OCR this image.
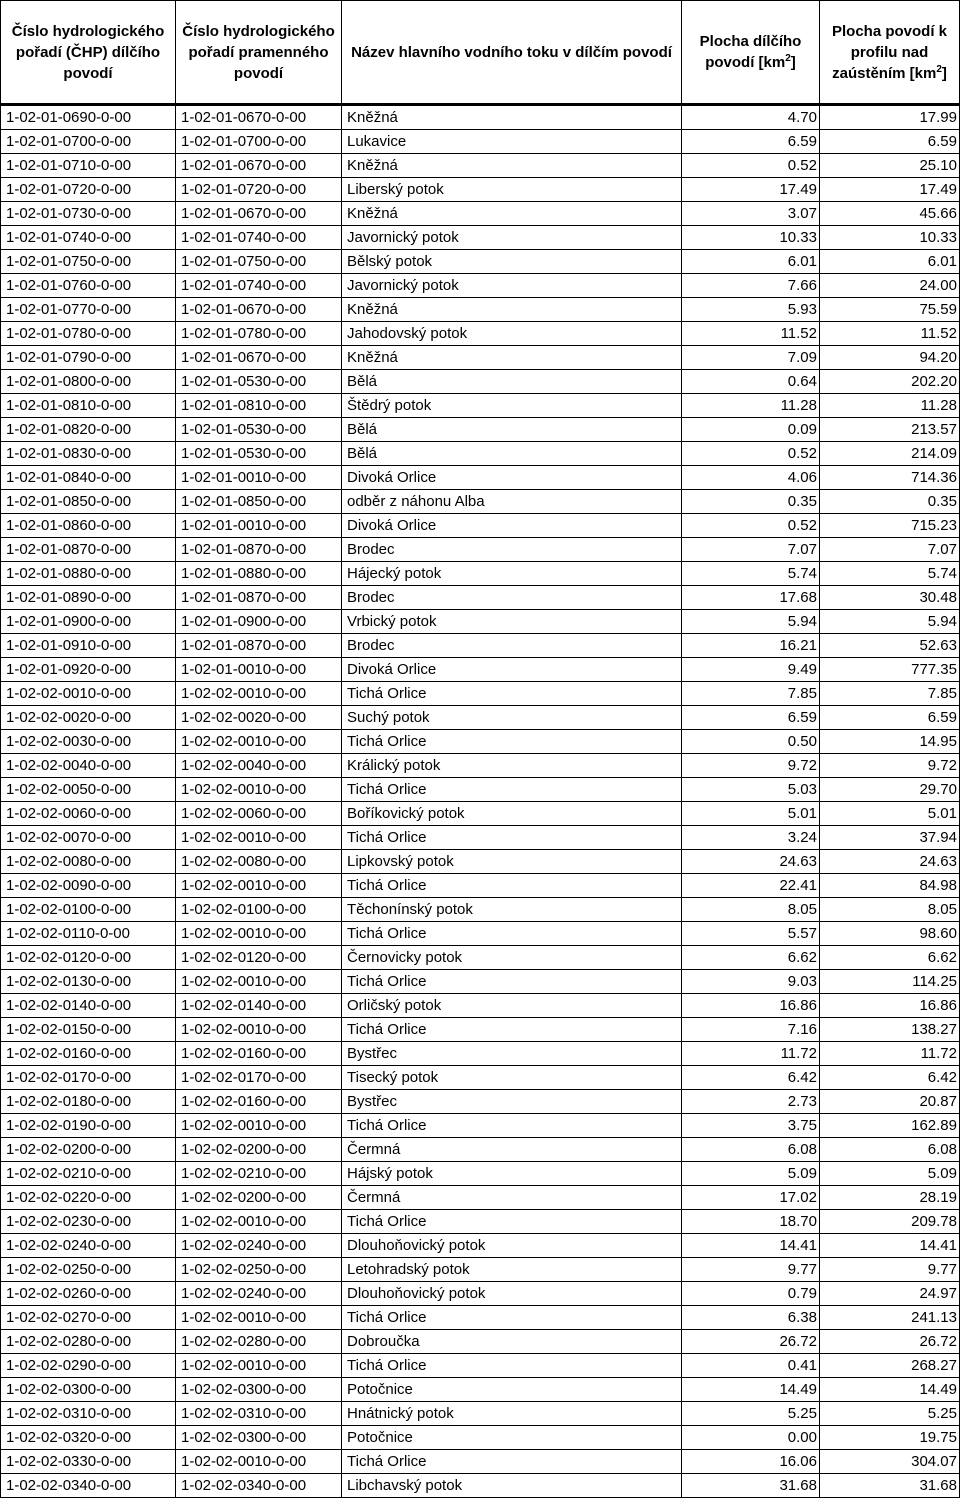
Číslo hydrologického pořadí (ČHP) dílčího povodí	Číslo hydrologického pořadí pramenného povodí	Název hlavního vodního toku v dílčím povodí	Plocha dílčího povodí $[km^2]$	Plocha povodí k profilu nad zaústěním $[km^2]$
1-02-01-0690-0-00	1-02-01-0670-0-00	Kněžná	4.70	17.99
1-02-01-0700-0-00	1-02-01-0700-0-00	Lukavice	6.59	6.59
1-02-01-0710-0-00	1-02-01-0670-0-00	Kněžná	0.52	25.10
1-02-01-0720-0-00	1-02-01-0720-0-00	Liberský potok	17.49	17.49
1-02-01-0730-0-00	1-02-01-0670-0-00	Kněžná	3.07	45.66
1-02-01-0740-0-00	1-02-01-0740-0-00	Javornický potok	10.33	10.33
1-02-01-0750-0-00	1-02-01-0750-0-00	Bělský potok	6.01	6.01
1-02-01-0760-0-00	1-02-01-0740-0-00	Javornický potok	7.66	24.00
1-02-01-0770-0-00	1-02-01-0670-0-00	Kněžná	5.93	75.59
1-02-01-0780-0-00	1-02-01-0780-0-00	Jahodovský potok	11.52	11.52
1-02-01-0790-0-00	1-02-01-0670-0-00	Kněžná	7.09	94.20
1-02-01-0800-0-00	1-02-01-0530-0-00	Bělá	0.64	202.20
1-02-01-0810-0-00	1-02-01-0810-0-00	Štědrý potok	11.28	11.28
1-02-01-0820-0-00	1-02-01-0530-0-00	Bělá	0.09	213.57
1-02-01-0830-0-00	1-02-01-0530-0-00	Bělá	0.52	214.09
1-02-01-0840-0-00	1-02-01-0010-0-00	Divoká Orlice	4.06	714.36
1-02-01-0850-0-00	1-02-01-0850-0-00	odběr z náhonu Alba	0.35	0.35
1-02-01-0860-0-00	1-02-01-0010-0-00	Divoká Orlice	0.52	715.23
1-02-01-0870-0-00	1-02-01-0870-0-00	Brodec	7.07	7.07
1-02-01-0880-0-00	1-02-01-0880-0-00	Hájecký potok	5.74	5.74
1-02-01-0890-0-00	1-02-01-0870-0-00	Brodec	17.68	30.48
1-02-01-0900-0-00	1-02-01-0900-0-00	Vrbický potok	5.94	5.94
1-02-01-0910-0-00	1-02-01-0870-0-00	Brodec	16.21	52.63
1-02-01-0920-0-00	1-02-01-0010-0-00	Divoká Orlice	9.49	777.35
1-02-02-0010-0-00	1-02-02-0010-0-00	Tichá Orlice	7.85	7.85
1-02-02-0020-0-00	1-02-02-0020-0-00	Suchý potok	6.59	6.59
1-02-02-0030-0-00	1-02-02-0010-0-00	Tichá Orlice	0.50	14.95
1-02-02-0040-0-00	1-02-02-0040-0-00	Králický potok	9.72	9.72
1-02-02-0050-0-00	1-02-02-0010-0-00	Tichá Orlice	5.03	29.70
1-02-02-0060-0-00	1-02-02-0060-0-00	Boříkovický potok	5.01	5.01
1-02-02-0070-0-00	1-02-02-0010-0-00	Tichá Orlice	3.24	37.94
1-02-02-0080-0-00	1-02-02-0080-0-00	Lipkovský potok	24.63	24.63
1-02-02-0090-0-00	1-02-02-0010-0-00	Tichá Orlice	22.41	84.98
1-02-02-0100-0-00	1-02-02-0100-0-00	Těchonínský potok	8.05	8.05
1-02-02-0110-0-00	1-02-02-0010-0-00	Tichá Orlice	5.57	98.60
1-02-02-0120-0-00	1-02-02-0120-0-00	Černovicky potok	6.62	6.62
1-02-02-0130-0-00	1-02-02-0010-0-00	Tichá Orlice	9.03	114.25
1-02-02-0140-0-00	1-02-02-0140-0-00	Orličský potok	16.86	16.86
1-02-02-0150-0-00	1-02-02-0010-0-00	Tichá Orlice	7.16	138.27
1-02-02-0160-0-00	1-02-02-0160-0-00	Bystřec	11.72	11.72
1-02-02-0170-0-00	1-02-02-0170-0-00	Tisecký potok	6.42	6.42
1-02-02-0180-0-00	1-02-02-0160-0-00	Bystřec	2.73	20.87
1-02-02-0190-0-00	1-02-02-0010-0-00	Tichá Orlice	3.75	162.89
1-02-02-0200-0-00	1-02-02-0200-0-00	Čermná	6.08	6.08
1-02-02-0210-0-00	1-02-02-0210-0-00	Hájský potok	5.09	5.09
1-02-02-0220-0-00	1-02-02-0200-0-00	Čermná	17.02	28.19
1-02-02-0230-0-00	1-02-02-0010-0-00	Tichá Orlice	18.70	209.78
1-02-02-0240-0-00	1-02-02-0240-0-00	Dlouhoňovický potok	14.41	14.41
1-02-02-0250-0-00	1-02-02-0250-0-00	Letohradský potok	9.77	9.77
1-02-02-0260-0-00	1-02-02-0240-0-00	Dlouhoňovický potok	0.79	24.97
1-02-02-0270-0-00	1-02-02-0010-0-00	Tichá Orlice	6.38	241.13
1-02-02-0280-0-00	1-02-02-0280-0-00	Dobroučka	26.72	26.72
1-02-02-0290-0-00	1-02-02-0010-0-00	Tichá Orlice	0.41	268.27
1-02-02-0300-0-00	1-02-02-0300-0-00	Potočnice	14.49	14.49
1-02-02-0310-0-00	1-02-02-0310-0-00	Hnátnický potok	5.25	5.25
1-02-02-0320-0-00	1-02-02-0300-0-00	Potočnice	0.00	19.75
1-02-02-0330-0-00	1-02-02-0010-0-00	Tichá Orlice	16.06	304.07
1-02-02-0340-0-00	1-02-02-0340-0-00	Libchavský potok	31.68	31.68
